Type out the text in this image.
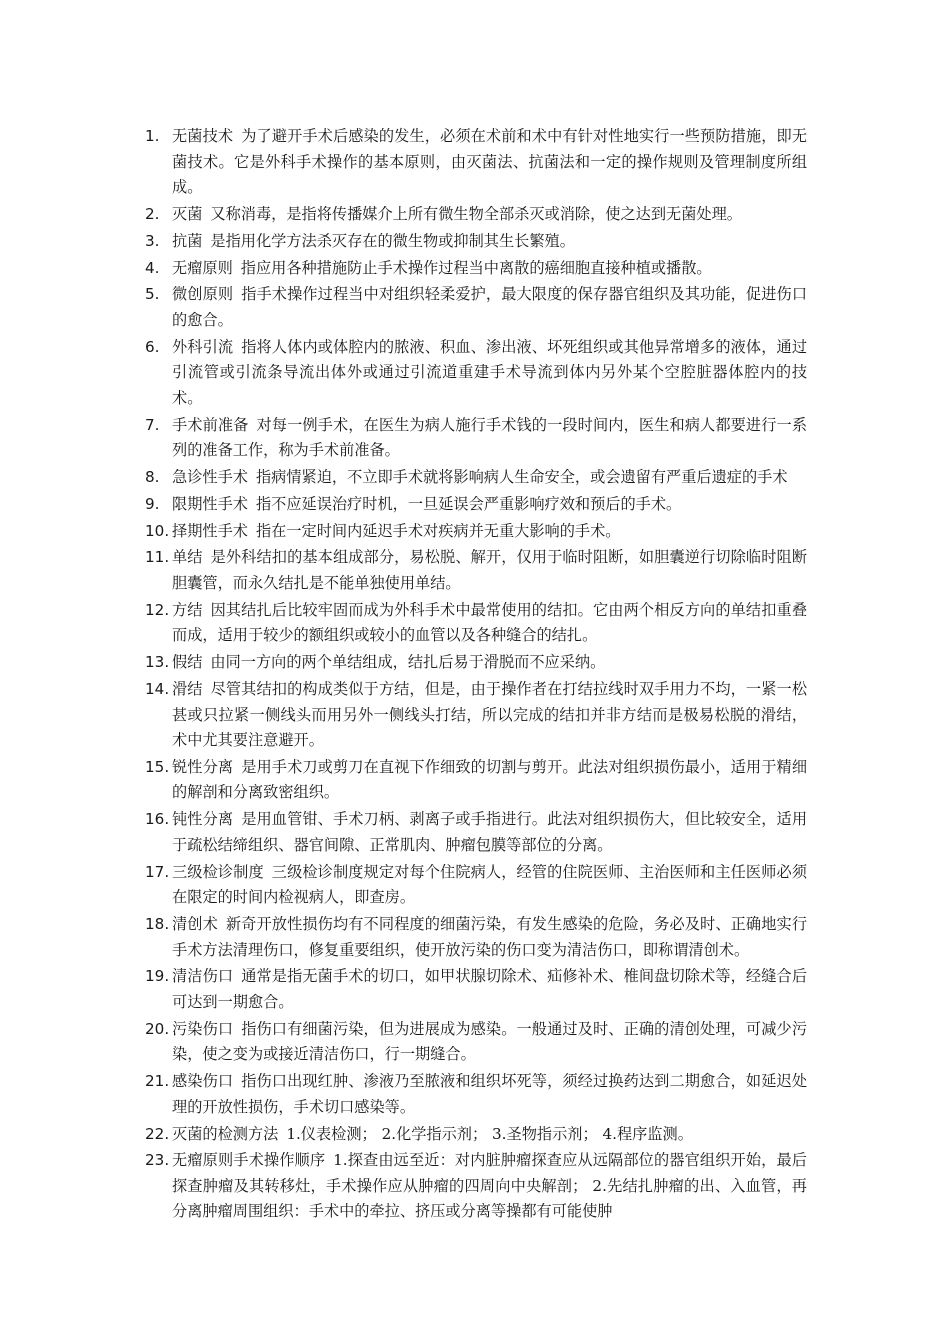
1. 无菌技术 为了避开手术后感染的发生，必须在术前和术中有针对性地实行一些预防措施，即无菌技术。它是外科手术操作的基本原则，由灭菌法、抗菌法和一定的操作规则及管理制度所组成。
2. 灭菌 又称消毒，是指将传播媒介上所有微生物全部杀灭或消除，使之达到无菌处理。
3. 抗菌 是指用化学方法杀灭存在的微生物或抑制其生长繁殖。
4. 无瘤原则 指应用各种措施防止手术操作过程当中离散的癌细胞直接种植或播散。
5. 微创原则 指手术操作过程当中对组织轻柔爱护，最大限度的保存器官组织及其功能，促进伤口的愈合。
6. 外科引流 指将人体内或体腔内的脓液、积血、渗出液、坏死组织或其他异常增多的液体，通过引流管或引流条导流出体外或通过引流道重建手术导流到体内另外某个空腔脏器体腔内的技术。
7. 手术前准备 对每一例手术，在医生为病人施行手术钱的一段时间内，医生和病人都要进行一系列的准备工作，称为手术前准备。
8. 急诊性手术 指病情紧迫，不立即手术就将影响病人生命安全，或会遗留有严重后遗症的手术
9. 限期性手术 指不应延误治疗时机，一旦延误会严重影响疗效和预后的手术。
10. 择期性手术 指在一定时间内延迟手术对疾病并无重大影响的手术。
11. 单结 是外科结扣的基本组成部分，易松脱、解开，仅用于临时阻断，如胆囊逆行切除临时阻断胆囊管，而永久结扎是不能单独使用单结。
12. 方结 因其结扎后比较牢固而成为外科手术中最常使用的结扣。它由两个相反方向的单结扣重叠而成，适用于较少的额组织或较小的血管以及各种缝合的结扎。
13. 假结 由同一方向的两个单结组成，结扎后易于滑脱而不应采纳。
14. 滑结 尽管其结扣的构成类似于方结，但是，由于操作者在打结拉线时双手用力不均，一紧一松甚或只拉紧一侧线头而用另外一侧线头打结，所以完成的结扣并非方结而是极易松脱的滑结，术中尤其要注意避开。
15. 锐性分离 是用手术刀或剪刀在直视下作细致的切割与剪开。此法对组织损伤最小，适用于精细的解剖和分离致密组织。
16. 钝性分离 是用血管钳、手术刀柄、剥离子或手指进行。此法对组织损伤大，但比较安全，适用于疏松结缔组织、器官间隙、正常肌肉、肿瘤包膜等部位的分离。
17. 三级检诊制度 三级检诊制度规定对每个住院病人，经管的住院医师、主治医师和主任医师必须在限定的时间内检视病人，即查房。
18. 清创术 新奇开放性损伤均有不同程度的细菌污染，有发生感染的危险，务必及时、正确地实行手术方法清理伤口，修复重要组织，使开放污染的伤口变为清洁伤口，即称谓清创术。
19. 清洁伤口 通常是指无菌手术的切口，如甲状腺切除术、疝修补术、椎间盘切除术等，经缝合后可达到一期愈合。
20. 污染伤口 指伤口有细菌污染，但为进展成为感染。一般通过及时、正确的清创处理，可减少污染，使之变为或接近清洁伤口，行一期缝合。
21. 感染伤口 指伤口出现红肿、渗液乃至脓液和组织坏死等，须经过换药达到二期愈合，如延迟处理的开放性损伤，手术切口感染等。
22. 灭菌的检测方法 1.仪表检测； 2.化学指示剂； 3.圣物指示剂； 4.程序监测。
23. 无瘤原则手术操作顺序 1.探查由远至近：对内脏肿瘤探查应从远隔部位的器官组织开始，最后探查肿瘤及其转移灶，手术操作应从肿瘤的四周向中央解剖； 2.先结扎肿瘤的出、入血管，再分离肿瘤周围组织：手术中的牵拉、挤压或分离等操都有可能使肿
